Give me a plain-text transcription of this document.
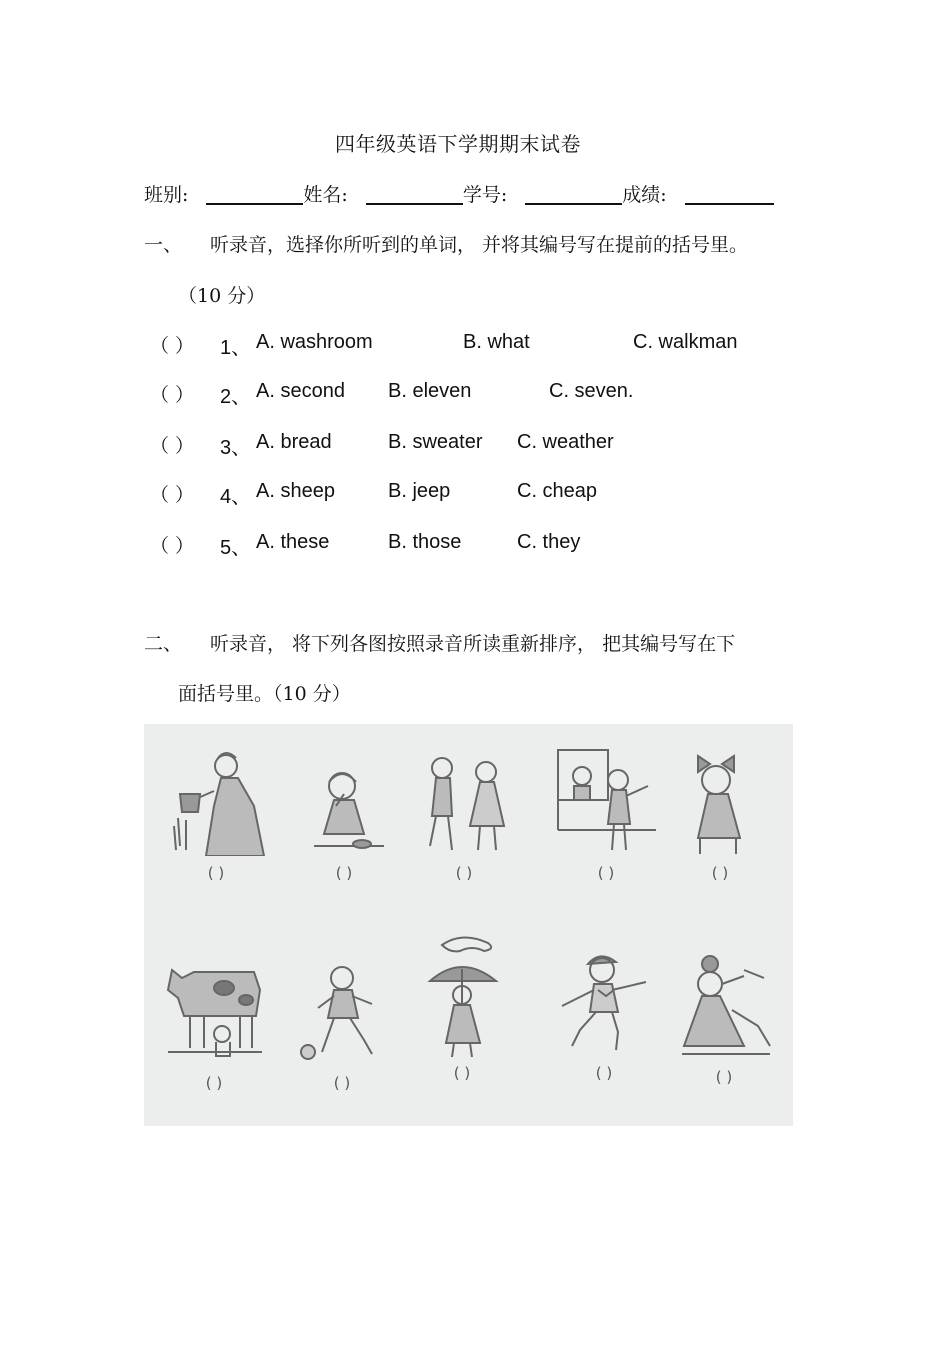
四年级英语下学期期末试卷
班别:	姓名:	学号:	成绩:
一、 听录音，选择你所听到的单词， 并将其编号写在提前的括号里。
（10 分）
（ ） 1、 A. washroom	B. what	C. walkman
（ ） 2、 A. second B. eleven	C. seven.
（ ） 3、 A. bread	B. sweater C. weather
（ ） 4、 A. sheep	B. jeep	C. cheap
（ ） 5、 A. these	B. those	C. they
二、 听录音， 将下列各图按照录音所读重新排序， 把其编号写在下
面括号里。（10 分）
( )	( )	( )	( )	( )
( )	( )
( )	( )	( )
